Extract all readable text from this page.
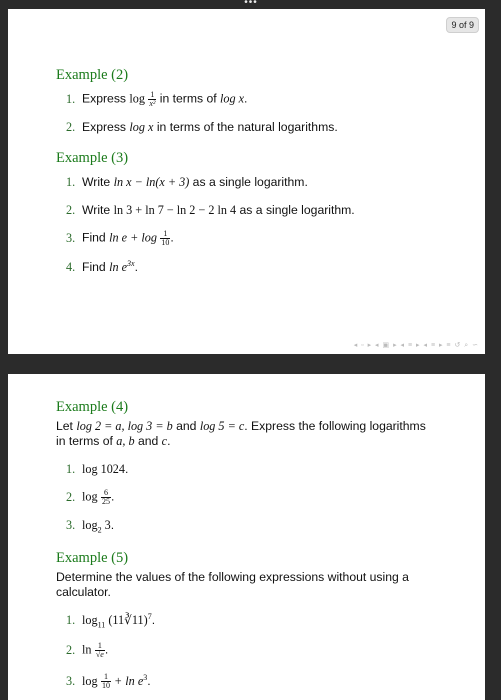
•••
9 of 9
Example (2)
1. Express $\log \frac{1}{\text{x²}}$ in terms of log x.
2. Express log x in terms of the natural logarithms.
Example (3)
1. Write ln x − ln(x + 3) as a single logarithm.
2. Write ln 3 + ln 7 − ln 2 − 2 ln 4 as a single logarithm.
3. Find $\ln e + \log \frac{1}{10}$ .
4. Find $\ln e^{3x}$.
◂ ▫ ▸ ◂ ▣ ▸ ◂ ≡ ▸ ◂ ≡ ▸ ≡ ↺ ⌕ ∽
Example (4)
Let log 2 = a, log 3 = b and log 5 = c. Express the following logarithms
in terms of a, b and c.
1. log 1024.
2. $\log \frac{6}{25}$ .
3. $\log_2 3$.
Example (5)
Determine the values of the following expressions without using a calculator.
1. $\log_{11}$ (11∛11)$^7$.
2. $\ln \frac{1}{√e}$ .
3. $\log \frac{1}{10} + \ln e^3$.
